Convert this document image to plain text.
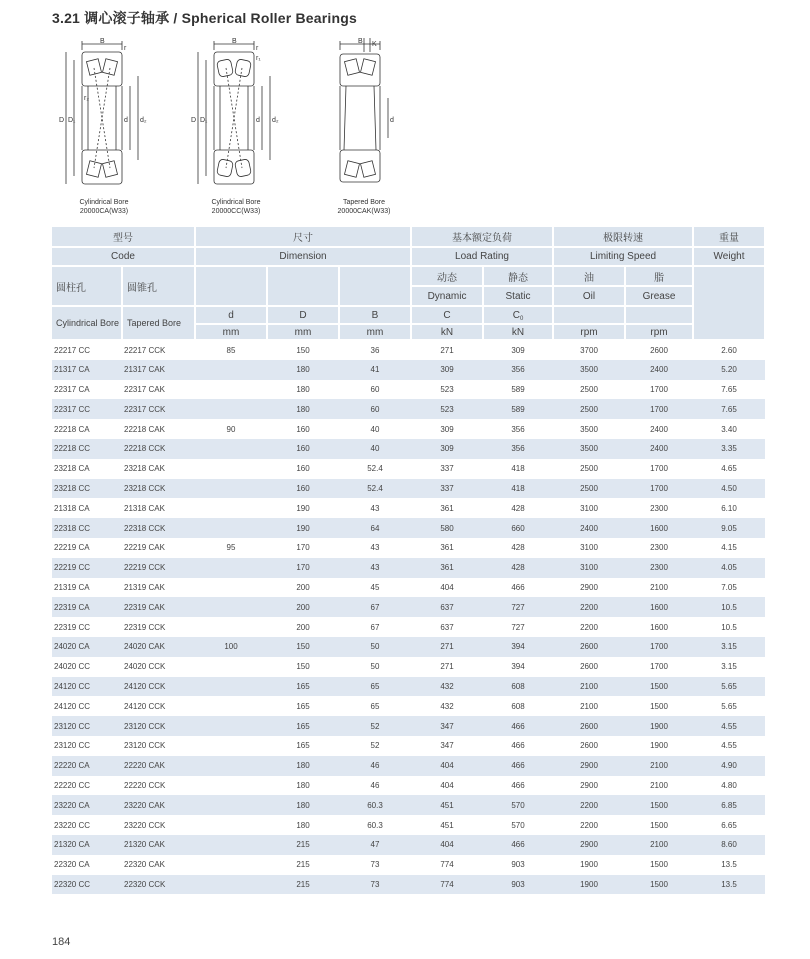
3.21 调心滚子轴承 / Spherical Roller Bearings
B
r
r₂
D D₁	d d₂
Cylindrical Bore
20000CA(W33)
B
r
r₁
D D₁	d d₂
Cylindrical Bore
20000CC(W33)
B K
d
Tapered Bore
20000CAK(W33)
型号		尺寸			基本额定负荷		极限转速		重量
Code		Dimension			Load Rating		Limiting Speed		Weight
圆柱孔	圆锥孔				动态	静态	油	脂	
					Dynamic	Static	Oil	Grease	
Cylindrical Bore	Tapered Bore	d	D	B	C	$C_0$		
		mm	mm	mm	kN	kN	rpm	rpm	
22217 CC	22217 CCK	85	150	36	271	309	3700	2600	2.60
21317 CA	21317 CAK		180	41	309	356	3500	2400	5.20
22317 CA	22317 CAK		180	60	523	589	2500	1700	7.65
22317 CC	22317 CCK		180	60	523	589	2500	1700	7.65
22218 CA	22218 CAK	90	160	40	309	356	3500	2400	3.40
22218 CC	22218 CCK		160	40	309	356	3500	2400	3.35
23218 CA	23218 CAK		160	52.4	337	418	2500	1700	4.65
23218 CC	23218 CCK		160	52.4	337	418	2500	1700	4.50
21318 CA	21318 CAK		190	43	361	428	3100	2300	6.10
22318 CC	22318 CCK		190	64	580	660	2400	1600	9.05
22219 CA	22219 CAK	95	170	43	361	428	3100	2300	4.15
22219 CC	22219 CCK		170	43	361	428	3100	2300	4.05
21319 CA	21319 CAK		200	45	404	466	2900	2100	7.05
22319 CA	22319 CAK		200	67	637	727	2200	1600	10.5
22319 CC	22319 CCK		200	67	637	727	2200	1600	10.5
24020 CA	24020 CAK	100	150	50	271	394	2600	1700	3.15
24020 CC	24020 CCK		150	50	271	394	2600	1700	3.15
24120 CC	24120 CCK		165	65	432	608	2100	1500	5.65
24120 CC	24120 CCK		165	65	432	608	2100	1500	5.65
23120 CC	23120 CCK		165	52	347	466	2600	1900	4.55
23120 CC	23120 CCK		165	52	347	466	2600	1900	4.55
22220 CA	22220 CAK		180	46	404	466	2900	2100	4.90
22220 CC	22220 CCK		180	46	404	466	2900	2100	4.80
23220 CA	23220 CAK		180	60.3	451	570	2200	1500	6.85
23220 CC	23220 CCK		180	60.3	451	570	2200	1500	6.65
21320 CA	21320 CAK		215	47	404	466	2900	2100	8.60
22320 CA	22320 CAK		215	73	774	903	1900	1500	13.5
22320 CC	22320 CCK		215	73	774	903	1900	1500	13.5
184
